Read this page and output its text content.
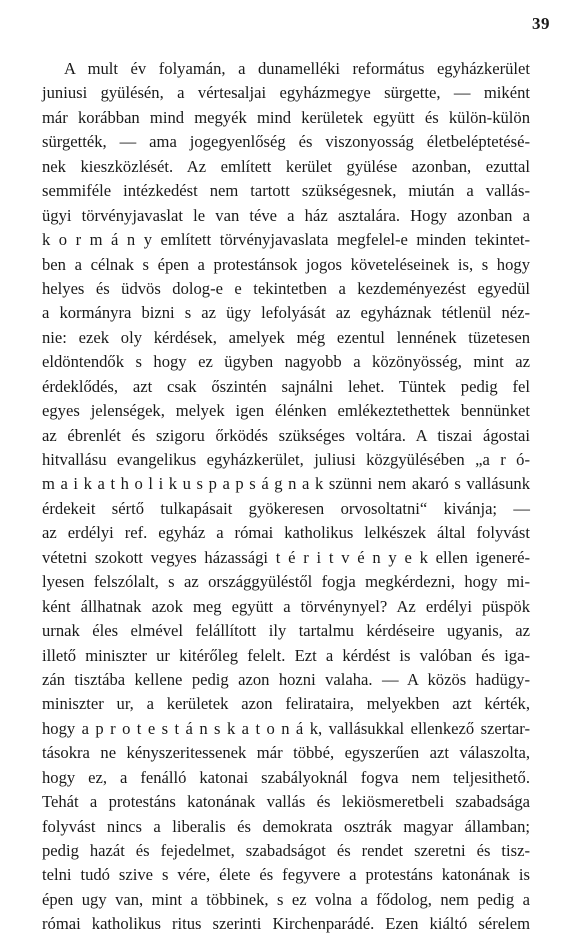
39
A mult év folyamán, a dunamelléki református egyházkerület
juniusi gyülésén, a vértesaljai egyházmegye sürgette, — miként
már korábban mind megyék mind kerületek együtt és külön-külön
sürgették, — ama jogegyenlőség és viszonyosság életbeléptetésé-
nek kieszközlését. Az említett kerület gyülése azonban, ezuttal
semmiféle intézkedést nem tartott szükségesnek, miután a vallás-
ügyi törvényjavaslat le van téve a ház asztalára. Hogy azonban a
k o r m á n y említett törvényjavaslata megfelel-e minden tekintet-
ben a célnak s épen a protestánsok jogos követeléseinek is, s hogy
helyes és üdvös dolog-e e tekintetben a kezdeményezést egyedül
a kormányra bizni s az ügy lefolyását az egyháznak tétlenül néz-
nie: ezek oly kérdések, amelyek még ezentul lennének tüzetesen
eldöntendők s hogy ez ügyben nagyobb a közönyösség, mint az
érdeklődés, azt csak őszintén sajnálni lehet. Tüntek pedig fel
egyes jelenségek, melyek igen élénken emlékeztethettek bennünket
az ébrenlét és szigoru őrködés szükséges voltára. A tiszai ágostai
hitvallásu evangelikus egyházkerület, juliusi közgyülésében „a r ó-
m a i k a t h o l i k u s p a p s á g n a k szünni nem akaró s vallásunk
érdekeit sértő tulkapásait gyökeresen orvosoltatni“ kivánja; —
az erdélyi ref. egyház a római katholikus lelkészek által folyvást
vétetni szokott vegyes házassági t é r i t v é n y e k ellen igeneré-
lyesen felszólalt, s az országgyüléstől fogja megkérdezni, hogy mi-
ként állhatnak azok meg együtt a törvénynyel? Az erdélyi püspök
urnak éles elmével felállított ily tartalmu kérdéseire ugyanis, az
illető miniszter ur kitérőleg felelt. Ezt a kérdést is valóban és iga-
zán tisztába kellene pedig azon hozni valaha. — A közös hadügy-
miniszter ur, a kerületek azon felirataira, melyekben azt kérték,
hogy a p r o t e s t á n s k a t o n á k, vallásukkal ellenkező szertar-
tásokra ne kényszeritessenek már többé, egyszerűen azt válaszolta,
hogy ez, a fenálló katonai szabályoknál fogva nem teljesithető.
Tehát a protestáns katonának vallás és lekiösmeretbeli szabadsága
folyvást nincs a liberalis és demokrata osztrák magyar államban;
pedig hazát és fejedelmet, szabadságot és rendet szeretni és tisz-
telni tudó szive s vére, élete és fegyvere a protestáns katonának is
épen ugy van, mint a többinek, s ez volna a fődolog, nem pedig a
római katholikus ritus szerinti Kirchenparádé. Ezen kiáltó sérelem
